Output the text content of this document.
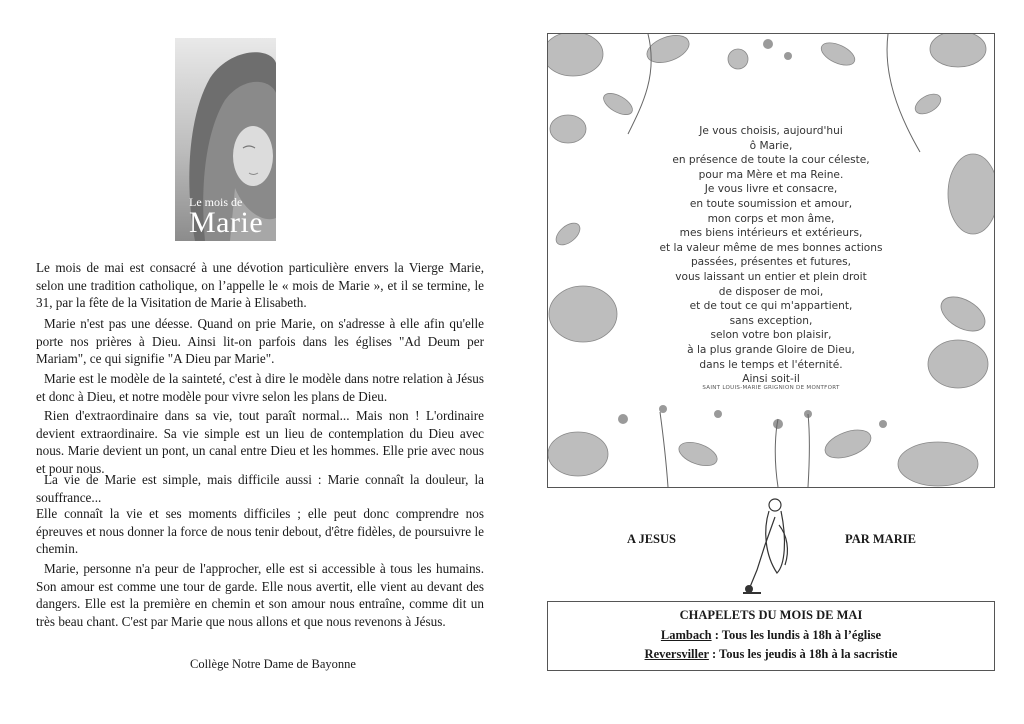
Le mois de
Marie

Le mois de mai est consacré à une dévotion particulière envers la Vierge Marie, selon une tradition catholique, on l’appelle le « mois de Marie », et il se termine, le 31, par la fête de la Visitation de Marie à Elisabeth.

Marie n'est pas une déesse. Quand on prie Marie, on s'adresse à elle afin qu'elle porte nos prières à Dieu. Ainsi lit-on parfois dans les églises "Ad Deum per Mariam", ce qui signifie "A Dieu par Marie".

Marie est le modèle de la sainteté, c'est à dire le modèle dans notre relation à Jésus et donc à Dieu, et notre modèle pour vivre selon les plans de Dieu.

Rien d'extraordinaire dans sa vie, tout paraît normal... Mais non ! L'ordinaire devient extraordinaire. Sa vie simple est un lieu de contemplation du Dieu avec nous. Marie devient un pont, un canal entre Dieu et les hommes. Elle prie avec nous et pour nous.

La vie de Marie est simple, mais difficile aussi : Marie connaît la douleur, la souffrance...

Elle connaît la vie et ses moments difficiles ; elle peut donc comprendre nos épreuves et nous donner la force de nous tenir debout, d'être fidèles, de poursuivre le chemin.

Marie, personne n'a peur de l'approcher, elle est si accessible à tous les humains. Son amour est comme une tour de garde. Elle nous avertit, elle vient au devant des dangers. Elle est la première en chemin et son amour nous entraîne, comme dit un très beau chant. C'est par Marie que nous allons et que nous revenons à Jésus.

Collège Notre Dame de Bayonne
Je vous choisis, aujourd'hui
ô Marie,
en présence de toute la cour céleste,
pour ma Mère et ma Reine.
Je vous livre et consacre,
en toute soumission et amour,
mon corps et mon âme,
mes biens intérieurs et extérieurs,
et la valeur même de mes bonnes actions
passées, présentes et futures,
vous laissant un entier et plein droit
de disposer de moi,
et de tout ce qui m'appartient,
sans exception,
selon votre bon plaisir,
à la plus grande Gloire de Dieu,
dans le temps et l'éternité.
Ainsi soit-il
SAINT LOUIS-MARIE GRIGNION DE MONTFORT
A JESUS	PAR MARIE
CHAPELETS DU MOIS DE MAI
Lambach : Tous les lundis à 18h à l’église
Reversviller : Tous les jeudis à 18h à la sacristie
